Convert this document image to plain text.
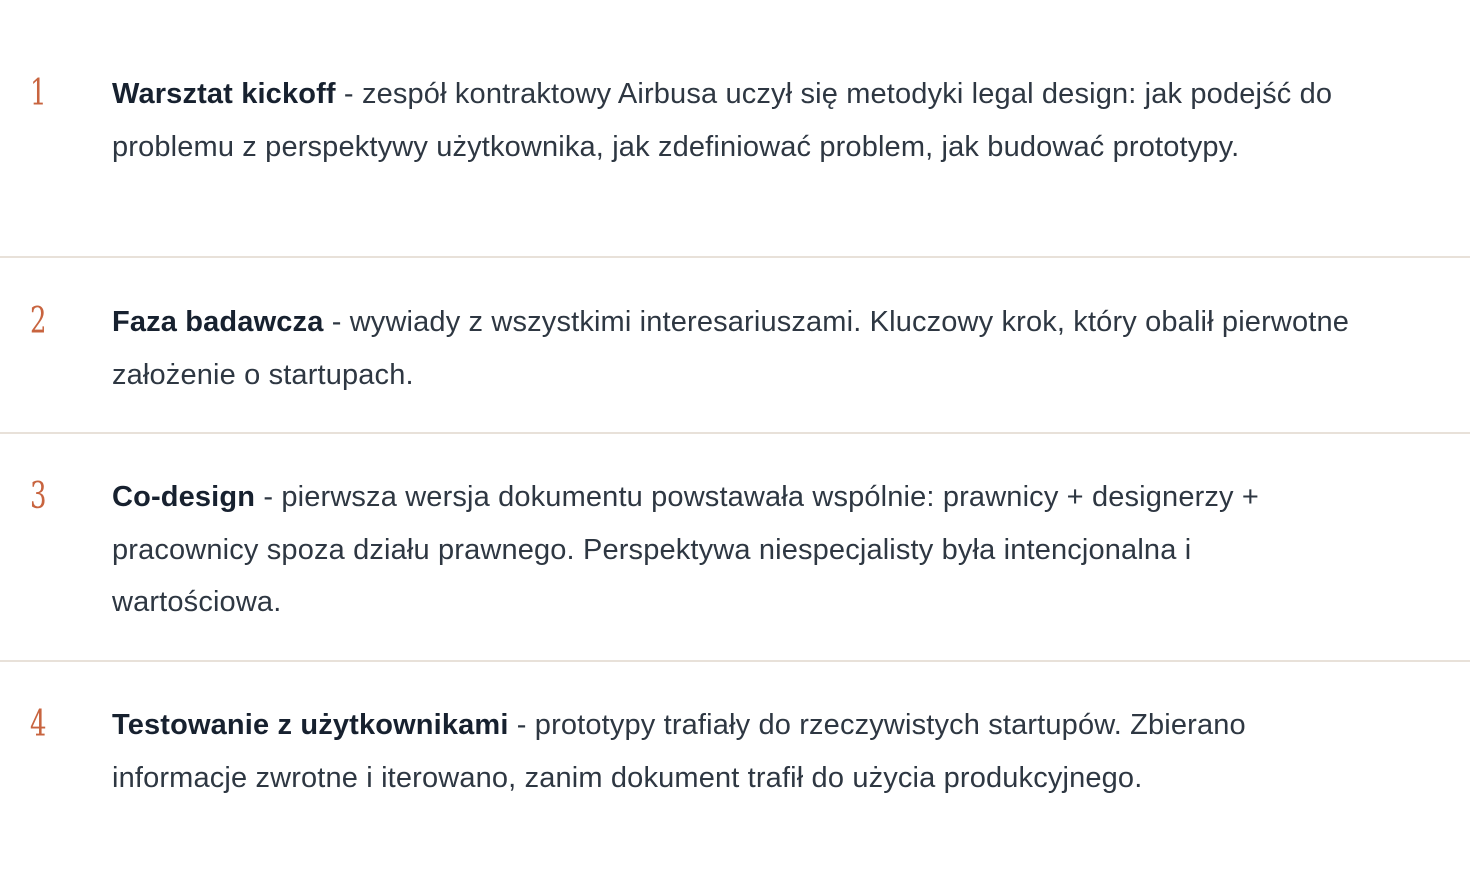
1 Warsztat kickoff - zespół kontraktowy Airbusa uczył się metodyki legal design: jak podejść do problemu z perspektywy użytkownika, jak zdefiniować problem, jak budować prototypy.

2 Faza badawcza - wywiady z wszystkimi interesariuszami. Kluczowy krok, który obalił pierwotne założenie o startupach.

3 Co-design - pierwsza wersja dokumentu powstawała wspólnie: prawnicy + designerzy + pracownicy spoza działu prawnego. Perspektywa niespecjalisty była intencjonalna i wartościowa.

4 Testowanie z użytkownikami - prototypy trafiały do rzeczywistych startupów. Zbierano informacje zwrotne i iterowano, zanim dokument trafił do użycia produkcyjnego.
